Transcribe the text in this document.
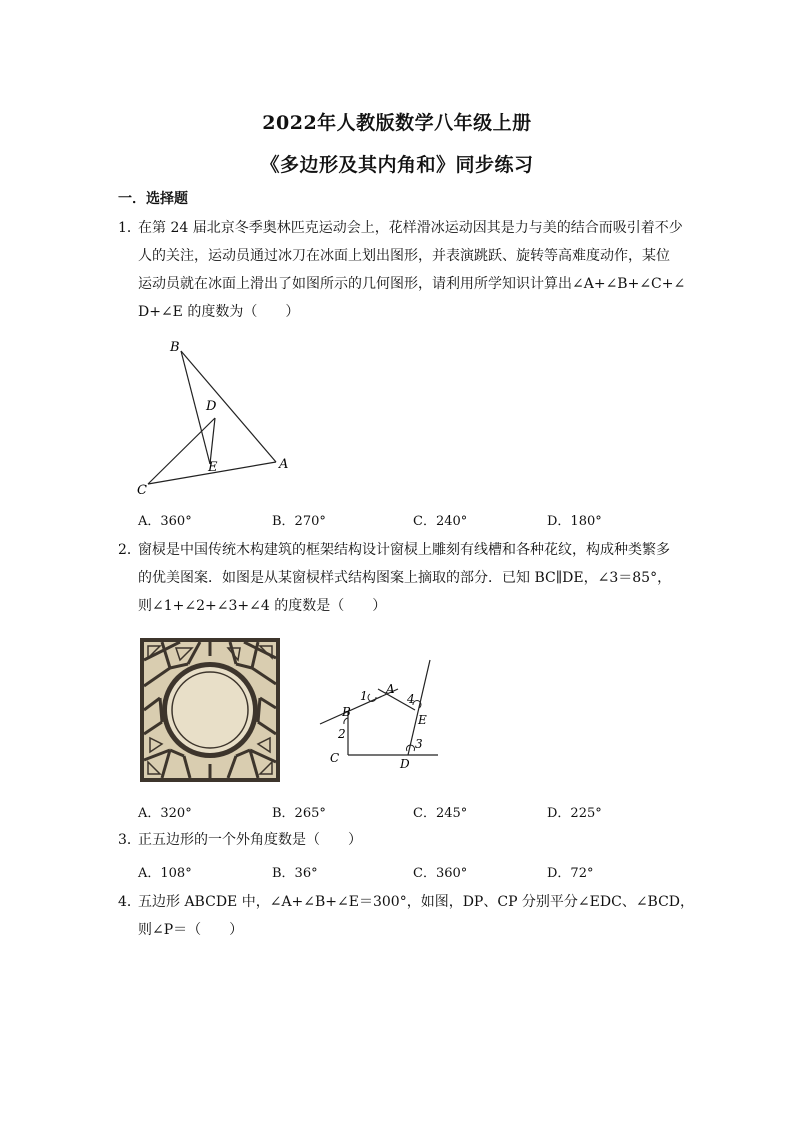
2022年人教版数学八年级上册
《多边形及其内角和》同步练习
一．选择题
1．
在第 24 届北京冬季奥林匹克运动会上，花样滑冰运动因其是力与美的结合而吸引着不少
人的关注，运动员通过冰刀在冰面上划出图形，并表演跳跃、旋转等高难度动作，某位
运动员就在冰面上滑出了如图所示的几何图形，请利用所学知识计算出∠A+∠B+∠C+∠
D+∠E 的度数为（　　）
B
D
E	A
C
A．360°	B．270°	C．240°	D．180°
2．
窗棂是中国传统木构建筑的框架结构设计窗棂上雕刻有线槽和各种花纹，构成种类繁多
的优美图案．如图是从某窗棂样式结构图案上摘取的部分．已知 BC∥DE，∠3＝85°，
则∠1+∠2+∠3+∠4 的度数是（　　）
1 A
4
B
E
2
3
C	D
A．320°	B．265°	C．245°	D．225°
3．
正五边形的一个外角度数是（　　）
A．108°	B．36°	C．360°	D．72°
4．
五边形 ABCDE 中，∠A+∠B+∠E＝300°，如图，DP、CP 分别平分∠EDC、∠BCD，
则∠P＝（　　）
